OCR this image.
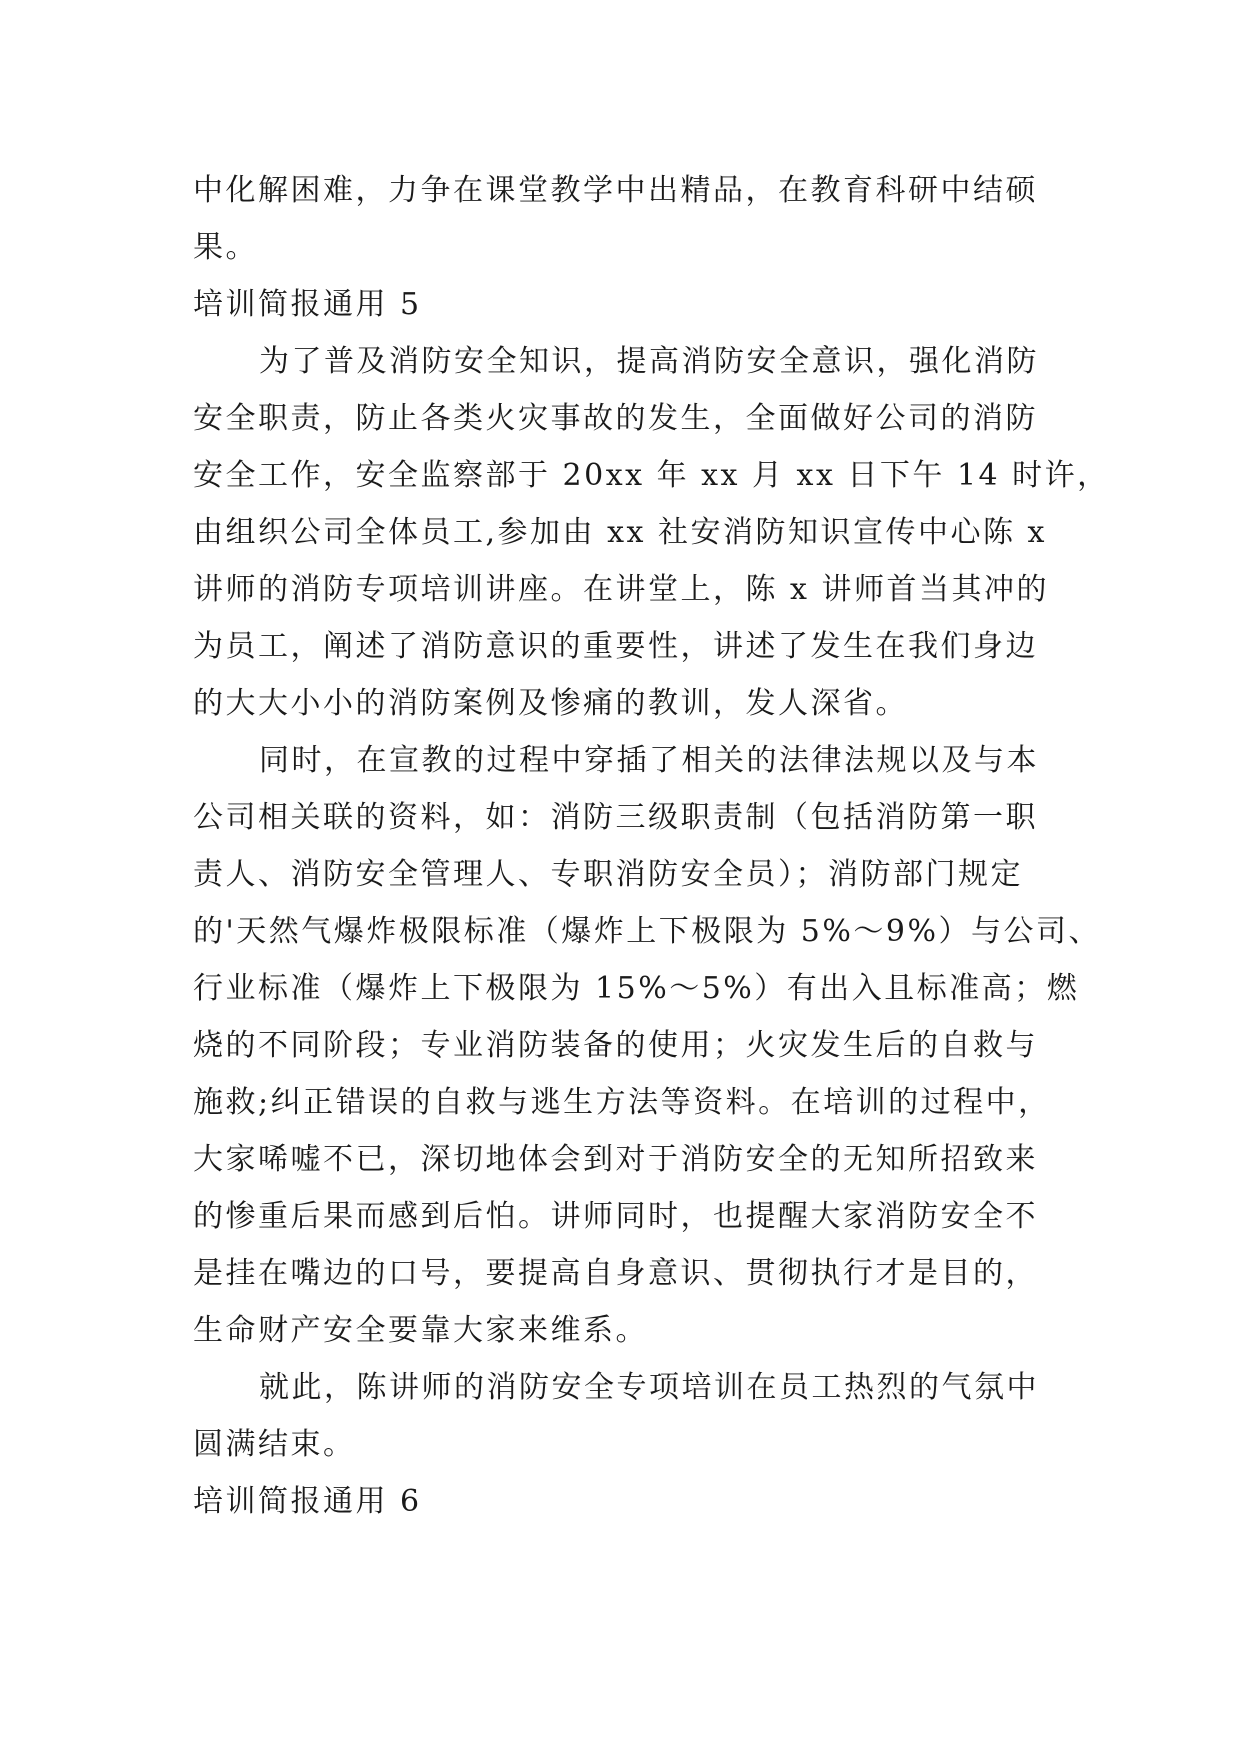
中化解困难，力争在课堂教学中出精品，在教育科研中结硕
果。
培训简报通用 5
为了普及消防安全知识，提高消防安全意识，强化消防
安全职责，防止各类火灾事故的发生，全面做好公司的消防
安全工作，安全监察部于 20xx 年 xx 月 xx 日下午 14 时许，
由组织公司全体员工,参加由 xx 社安消防知识宣传中心陈 x
讲师的消防专项培训讲座。在讲堂上，陈 x 讲师首当其冲的
为员工，阐述了消防意识的重要性，讲述了发生在我们身边
的大大小小的消防案例及惨痛的教训，发人深省。
同时，在宣教的过程中穿插了相关的法律法规以及与本
公司相关联的资料，如：消防三级职责制（包括消防第一职
责人、消防安全管理人、专职消防安全员）；消防部门规定
的'天然气爆炸极限标准（爆炸上下极限为 5%～9%）与公司、
行业标准（爆炸上下极限为 15%～5%）有出入且标准高；燃
烧的不同阶段；专业消防装备的使用；火灾发生后的自救与
施救;纠正错误的自救与逃生方法等资料。在培训的过程中，
大家唏嘘不已，深切地体会到对于消防安全的无知所招致来
的惨重后果而感到后怕。讲师同时，也提醒大家消防安全不
是挂在嘴边的口号，要提高自身意识、贯彻执行才是目的，
生命财产安全要靠大家来维系。
就此，陈讲师的消防安全专项培训在员工热烈的气氛中
圆满结束。
培训简报通用 6
